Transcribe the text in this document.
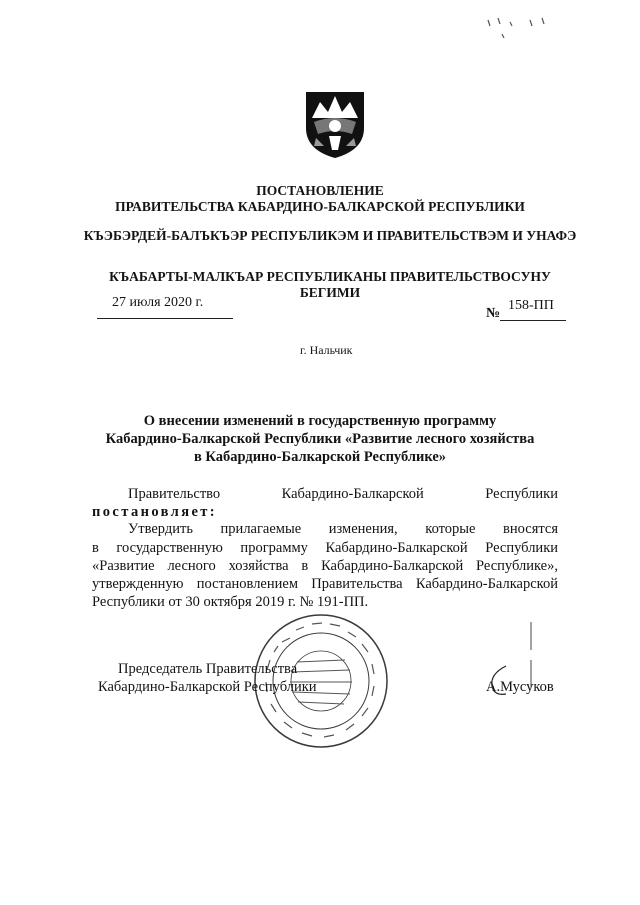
ПОСТАНОВЛЕНИЕ
ПРАВИТЕЛЬСТВА КАБАРДИНО-БАЛКАРСКОЙ РЕСПУБЛИКИ
КЪЭБЭРДЕЙ-БАЛЪКЪЭР РЕСПУБЛИКЭМ И ПРАВИТЕЛЬСТВЭМ И УНАФЭ
КЪАБАРТЫ-МАЛКЪАР РЕСПУБЛИКАНЫ ПРАВИТЕЛЬСТВОСУНУ БЕГИМИ
27 июля 2020 г.
№
158-ПП
г. Нальчик
О внесении изменений в государственную программу
Кабардино-Балкарской Республики «Развитие лесного хозяйства
в Кабардино-Балкарской Республике»
Правительство Кабардино-Балкарской Республики
постановляет:
Утвердить прилагаемые изменения, которые вносятся
в государственную программу Кабардино-Балкарской Республики
«Развитие лесного хозяйства в Кабардино-Балкарской Республике»,
утвержденную постановлением Правительства Кабардино-Балкарской
Республики от 30 октября 2019 г. № 191-ПП.
Председатель Правительства
Кабардино-Балкарской Республики	А.Мусуков
